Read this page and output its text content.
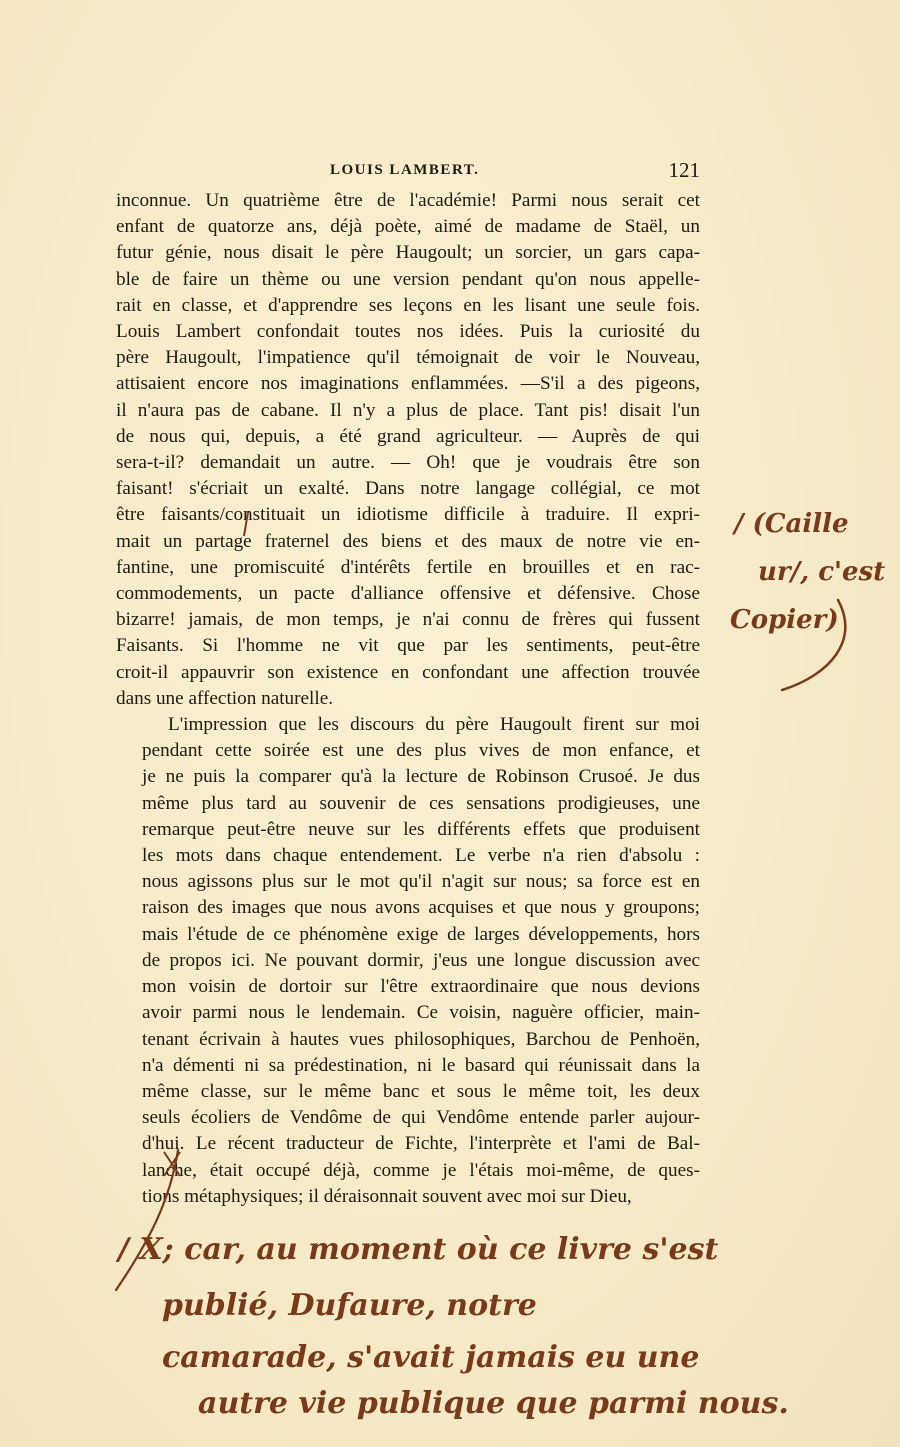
LOUIS LAMBERT.	121

inconnue. Un quatrième être de l'académie! Parmi nous serait cet
enfant de quatorze ans, déjà poète, aimé de madame de Staël, un
futur génie, nous disait le père Haugoult; un sorcier, un gars capa-
ble de faire un thème ou une version pendant qu'on nous appelle-
rait en classe, et d'apprendre ses leçons en les lisant une seule fois.
Louis Lambert confondait toutes nos idées. Puis la curiosité du
père Haugoult, l'impatience qu'il témoignait de voir le Nouveau,
attisaient encore nos imaginations enflammées. —S'il a des pigeons,
il n'aura pas de cabane. Il n'y a plus de place. Tant pis! disait l'un
de nous qui, depuis, a été grand agriculteur. — Auprès de qui
sera-t-il? demandait un autre. — Oh! que je voudrais être son
faisant! s'écriait un exalté. Dans notre langage collégial, ce mot
être faisants/constituait un idiotisme difficile à traduire. Il expri-
mait un partage fraternel des biens et des maux de notre vie en-
fantine, une promiscuité d'intérêts fertile en brouilles et en rac-
commodements, un pacte d'alliance offensive et défensive. Chose
bizarre! jamais, de mon temps, je n'ai connu de frères qui fussent
Faisants. Si l'homme ne vit que par les sentiments, peut-être
croit-il appauvrir son existence en confondant une affection trouvée
dans une affection naturelle.

L'impression que les discours du père Haugoult firent sur moi
pendant cette soirée est une des plus vives de mon enfance, et
je ne puis la comparer qu'à la lecture de Robinson Crusoé. Je dus
même plus tard au souvenir de ces sensations prodigieuses, une
remarque peut-être neuve sur les différents effets que produisent
les mots dans chaque entendement. Le verbe n'a rien d'absolu :
nous agissons plus sur le mot qu'il n'agit sur nous; sa force est en
raison des images que nous avons acquises et que nous y groupons;
mais l'étude de ce phénomène exige de larges développements, hors
de propos ici. Ne pouvant dormir, j'eus une longue discussion avec
mon voisin de dortoir sur l'être extraordinaire que nous devions
avoir parmi nous le lendemain. Ce voisin, naguère officier, main-
tenant écrivain à hautes vues philosophiques, Barchou de Penhoën,
n'a démenti ni sa prédestination, ni le basard qui réunissait dans la
même classe, sur le même banc et sous le même toit, les deux
seuls écoliers de Vendôme de qui Vendôme entende parler aujour-
d'hui. Le récent traducteur de Fichte, l'interprète et l'ami de Bal-
lanche, était occupé déjà, comme je l'étais moi-même, de ques-
tions métaphysiques; il déraisonnait souvent avec moi sur Dieu,

/ (Caille
ur/, c'est
Copier)
/ X; car, au moment où ce livre s'est
publié, Dufaure, notre
camarade, s'avait jamais eu une
autre vie publique que parmi nous.
